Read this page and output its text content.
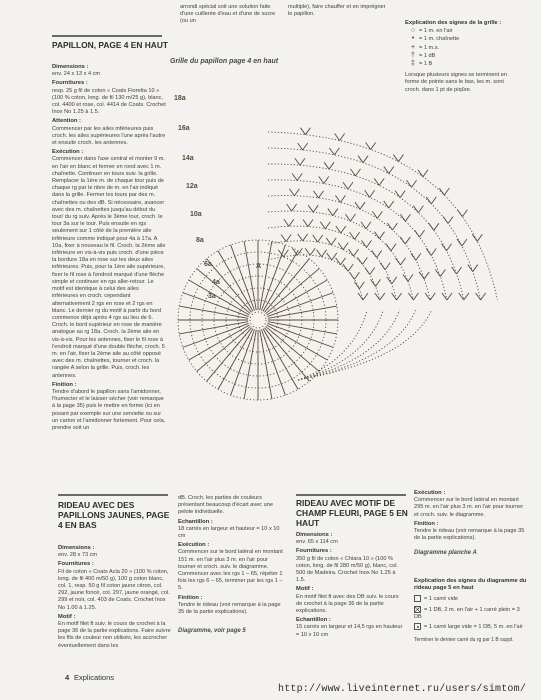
arrondi spécial soit une solution faite d'une cuillerée d'eau et d'une de sucre (ou un

multiple), faire chauffer et en imprégner le papillon.

PAPILLON, PAGE 4 EN HAUT
Dimensions :

env. 24 x 13 x 4 cm

Fournitures :

resp. 25 g fil de coton « Coats Fioretta 10 » (100 % coton, long. de fil 130 m/25 g), blanc, col. 4400 et rose, col. 4414 de Coats. Crochet Inox No 1.25 à 1.5.

Attention :

Commencer par les ailes inférieures puis croch. les ailes supérieures l'une après l'autre et ensuite croch. les antennes.

Exécution :

Commencer dans l'axe central et monter 9 m. en l'air en blanc et fermer en rond avec 1 m. chaînette. Continuer en tours suiv. la grille. Remplacer la 1ère m. de chaque tour puis de chaque rg par le nbre de m. en l'air indiqué dans la grille. Fermer les tours par des m. chaînettes ou des dB. Si nécessaire, avancer avec des m. chaînettes jusqu'au début du tour/ du rg suiv. Après le 3ème tour, croch. le tour 3a sur le tour. Puis ensuite en rgs seulement sur 1 côté de la première aile inférieure comme indiqué pour 4a à 17a. A 10a, fixer à nouveau le fil. Croch. la 2ème aile inférieure en vis-à-vis puis croch. d'une pièce la bordure 18a en rose sur les deux ailes inférieures. Puis, pour la 1ère aile supérieure, fixer le fil rose à l'endroit marqué d'une flèche simple et continuer en rgs aller-retour. Le motif est identique à celui des ailes inférieures en croch. cependant alternativement 2 rgs en rose et 2 rgs en blanc. Le dernier rg du motif à partir du bord commence déjà après 4 rgs au lieu de 6. Croch. le bord supérieur en rose de manière analogue au rg 18a. Croch. la 2ème aile en vis-à-vis. Pour les antennes, fixer le fil rose à l'endroit marqué d'une double flèche, croch. 5 m. en l'air, fixer la 2ème aile au côté opposé avec des m. chaînettes, tourner et croch. la rangée A selon la grille. Puis, croch. les antennes.

Finition :

Tendre d'abord le papillon sans l'amidonner, l'humecter et le laisser sécher (voir remarque à la page 35) puis le mettre en forme (ici en posant par exemple sur une serviette ou sur un carton et l'amidonner fortement. Pour cela, prendre soit un

Grille du papillon page 4 en haut
18a
16a
14a
12a
10a
8a
6a
4a
3a
A
Explication des signes de la grille :
○ = 1 m. en l'air
• = 1 m. chaînette
+ = 1 m.s.
† = 1 dB
‡ = 1 B

Lorsque plusieurs signes se terminent en forme de pointe sans le bas, les m. sont croch. dans 1 pt de piqûre.

RIDEAU AVEC DES PAPILLONS JAUNES, PAGE 4 EN BAS
Dimensions :

env. 28 x 73 cm

Fournitures :

Fil de coton « Coats Acla 20 » (100 % coton, long. de fil 400 m/50 g), 100 g coton blanc, col. 1, resp. 50 g fil coton jaune citron, col. 292, jaune foncé, col. 297, jaune orangé, col. 299 et noir, col. 403 de Coats. Crochet Inox No 1.00 à 1.25.

Motif :

En motif filet ft suiv. le cours de crochet à la page 36 de la partie explications. Faire suivre les fils de couleur non utilisés, les accrocher éventuellement dans les

dB. Croch. les parties de couleurs présentant beaucoup d'écart avec une pelote individuelle.

Echantillon :

18 carrés en largeur et hauteur = 10 x 10 cm

Exécution :

Commencer sur le bord latéral en montant 151 m. en l'air plus 3 m. en l'air pour tourner et croch. suiv. le diagramme. Commencer avec les rgs 1 – 65, répéter 1 fois les rgs 6 – 65, terminer par les rgs 1 – 5.

Finition :

Tendre le rideau (voir remarque à la page 35 de la partie explications).

Diagramme, voir page 5
RIDEAU AVEC MOTIF DE CHAMP FLEURI, PAGE 5 EN HAUT
Dimensions :

env. 65 x 114 cm

Fournitures :

350 g fil de coton « Chiara 10 » (100 % coton, long. de fil 280 m/50 g), blanc, col. 500 de Madeira. Crochet Inox No 1.25 à 1.5.

Motif :

En motif filet ft avec des DB suiv. le cours de crochet à la page 36 de la partie explications.

Echantillon :

15 carrés en largeur et 14,5 rgs en hauteur = 10 x 10 cm

Exécution :

Commencer sur le bord latéral en montant 295 m. en l'air plus 3 m. en l'air pour tourner et croch. suiv. le diagramme.

Finition :

Tendre le rideau (voir remarque à la page 35 de la partie explications).

Diagramme planche A
Explication des signes du diagramme du rideau page 5 en haut
= 1 carré vide
= 1 DB, 2 m. en l'air + 1 carré plein = 3 DB
= 1 carré large vide = 1 DB, 5 m. en l'air

Terminer le dernier carré du rg par 1 B suppl.

4 Explications
http://www.liveinternet.ru/users/simtom/
